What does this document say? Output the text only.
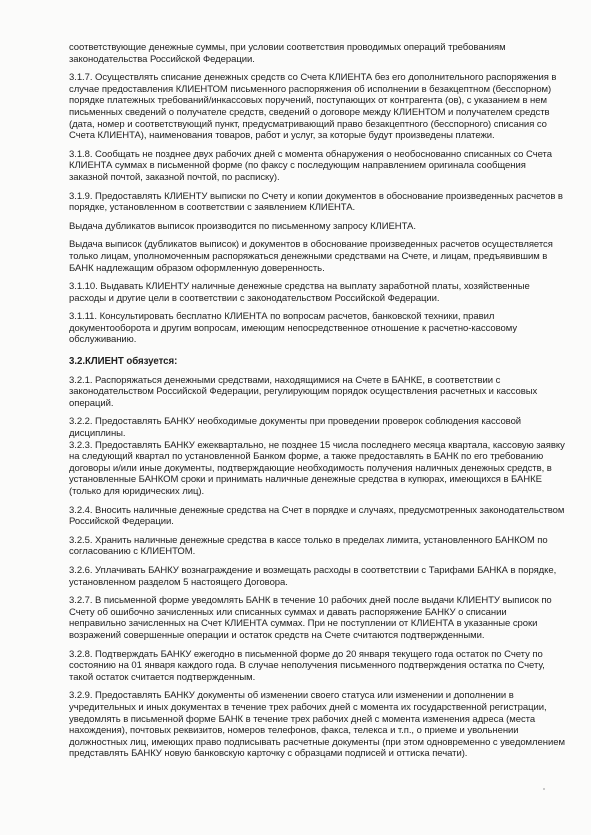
соответствующие денежные суммы, при условии соответствия проводимых операций требованиям законодательства Российской Федерации.

3.1.7. Осуществлять списание денежных средств со Счета КЛИЕНТА без его дополнительного распоряжения в случае предоставления КЛИЕНТОМ письменного распоряжения об исполнении в безакцептном (бесспорном) порядке платежных требований/инкассовых поручений, поступающих от контрагента (ов), с указанием в нем письменных сведений о получателе средств, сведений о договоре между КЛИЕНТОМ и получателем средств (дата, номер и соответствующий пункт, предусматривающий право безакцептного (бесспорного) списания со Счета КЛИЕНТА), наименования товаров, работ и услуг, за которые будут произведены платежи.

3.1.8. Сообщать не позднее двух рабочих дней с момента обнаружения о необоснованно списанных со Счета КЛИЕНТА суммах в письменной форме (по факсу с последующим направлением оригинала сообщения заказной почтой, заказной почтой, по расписку).

3.1.9. Предоставлять КЛИЕНТУ выписки по Счету и копии документов в обоснование произведенных расчетов в порядке, установленном в соответствии с заявлением КЛИЕНТА.

Выдача дубликатов выписок производится по письменному запросу КЛИЕНТА.

Выдача выписок (дубликатов выписок) и документов в обоснование произведенных расчетов осуществляется только лицам, уполномоченным распоряжаться денежными средствами на Счете, и лицам, предъявившим в БАНК надлежащим образом оформленную доверенность.

3.1.10. Выдавать КЛИЕНТУ наличные денежные средства на выплату заработной платы, хозяйственные расходы и другие цели в соответствии с законодательством Российской Федерации.

3.1.11. Консультировать бесплатно КЛИЕНТА по вопросам расчетов, банковской техники, правил документооборота и другим вопросам, имеющим непосредственное отношение к расчетно-кассовому обслуживанию.

3.2.КЛИЕНТ обязуется:

3.2.1. Распоряжаться денежными средствами, находящимися на Счете в БАНКЕ, в соответствии с законодательством Российской Федерации, регулирующим порядок осуществления расчетных и кассовых операций.

3.2.2. Предоставлять БАНКУ необходимые документы при проведении проверок соблюдения кассовой дисциплины.

3.2.3. Предоставлять БАНКУ ежеквартально, не позднее 15 числа последнего месяца квартала, кассовую заявку на следующий квартал по установленной Банком форме, а также предоставлять в БАНК по его требованию договоры и/или иные документы, подтверждающие необходимость получения наличных денежных средств, в установленные БАНКОМ сроки и принимать наличные денежные средства в купюрах, имеющихся в БАНКЕ (только для юридических лиц).

3.2.4. Вносить наличные денежные средства на Счет в порядке и случаях, предусмотренных законодательством Российской Федерации.

3.2.5. Хранить наличные денежные средства в кассе только в пределах лимита, установленного БАНКОМ по согласованию с КЛИЕНТОМ.

3.2.6. Уплачивать БАНКУ вознаграждение и возмещать расходы в соответствии с Тарифами БАНКА в порядке, установленном разделом 5 настоящего Договора.

3.2.7. В письменной форме уведомлять БАНК в течение 10 рабочих дней после выдачи КЛИЕНТУ выписок по Счету об ошибочно зачисленных или списанных суммах и давать распоряжение БАНКУ о списании неправильно зачисленных на Счет КЛИЕНТА суммах. При не поступлении от КЛИЕНТА в указанные сроки возражений совершенные операции и остаток средств на Счете считаются подтвержденными.

3.2.8. Подтверждать БАНКУ ежегодно в письменной форме до 20 января текущего года остаток по Счету по состоянию на 01 января каждого года. В случае неполучения письменного подтверждения остатка по Счету, такой остаток считается подтвержденным.

3.2.9. Предоставлять БАНКУ документы об изменении своего статуса или изменении и дополнении в учредительных и иных документах в течение трех рабочих дней с момента их государственной регистрации, уведомлять в письменной форме БАНК в течение трех рабочих дней с момента изменения адреса (места нахождения), почтовых реквизитов, номеров телефонов, факса, телекса и т.п., о приеме и увольнении должностных лиц, имеющих право подписывать расчетные документы (при этом одновременно с уведомлением представлять БАНКУ новую банковскую карточку с образцами подписей и оттиска печати).
